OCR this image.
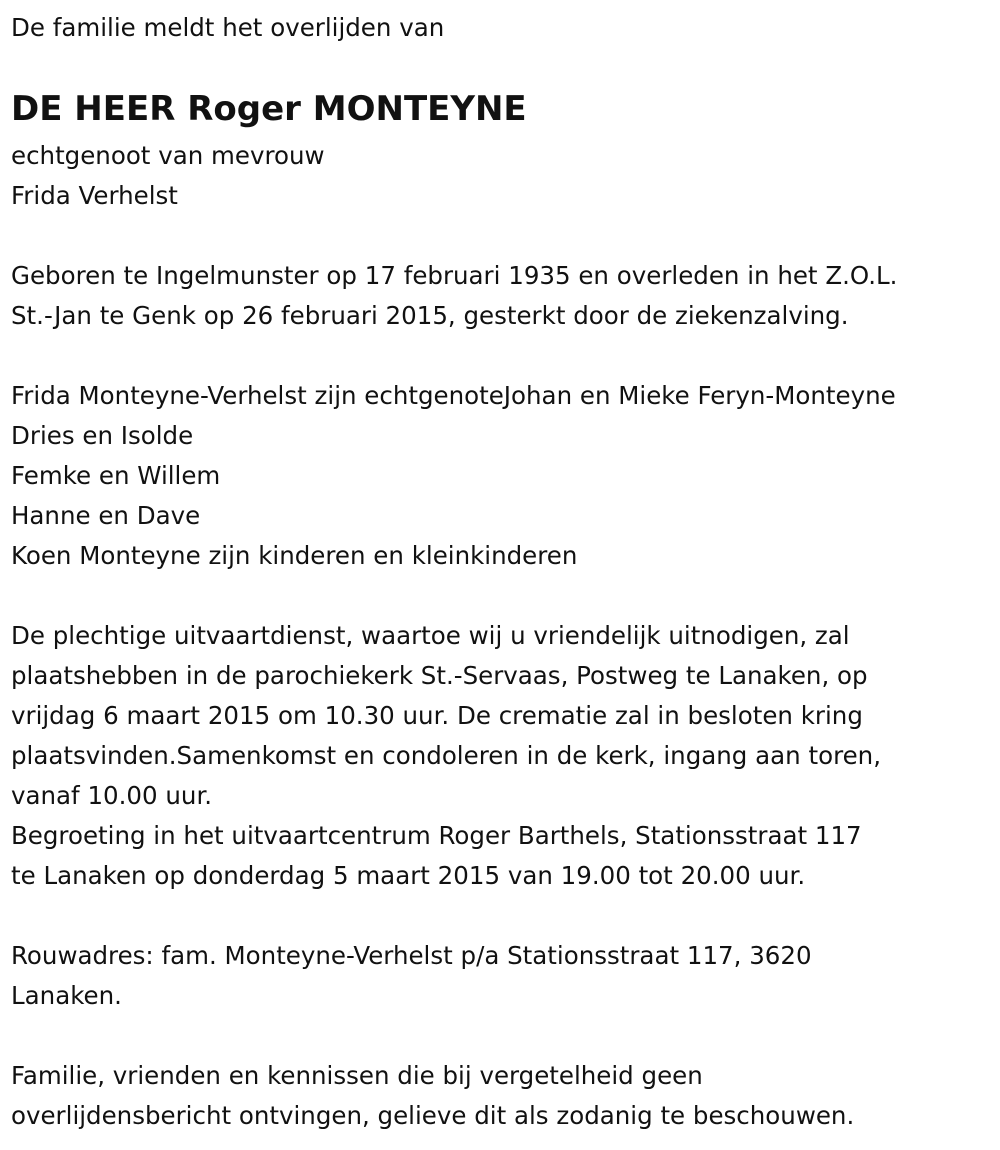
De familie meldt het overlijden van

DE HEER Roger MONTEYNE

echtgenoot van mevrouw

Frida Verhelst

Geboren te Ingelmunster op 17 februari 1935 en overleden in het Z.O.L.

St.-Jan te Genk op 26 februari 2015, gesterkt door de ziekenzalving.

Frida Monteyne-Verhelst zijn echtgenoteJohan en Mieke Feryn-Monteyne

Dries en Isolde

Femke en Willem

Hanne en Dave

Koen Monteyne zijn kinderen en kleinkinderen

De plechtige uitvaartdienst, waartoe wij u vriendelijk uitnodigen, zal

plaatshebben in de parochiekerk St.-Servaas, Postweg te Lanaken, op

vrijdag 6 maart 2015 om 10.30 uur. De crematie zal in besloten kring

plaatsvinden.Samenkomst en condoleren in de kerk, ingang aan toren,

vanaf 10.00 uur.

Begroeting in het uitvaartcentrum Roger Barthels, Stationsstraat 117

te Lanaken op donderdag 5 maart 2015 van 19.00 tot 20.00 uur.

Rouwadres: fam. Monteyne-Verhelst p/a Stationsstraat 117, 3620

Lanaken.

Familie, vrienden en kennissen die bij vergetelheid geen

overlijdensbericht ontvingen, gelieve dit als zodanig te beschouwen.
